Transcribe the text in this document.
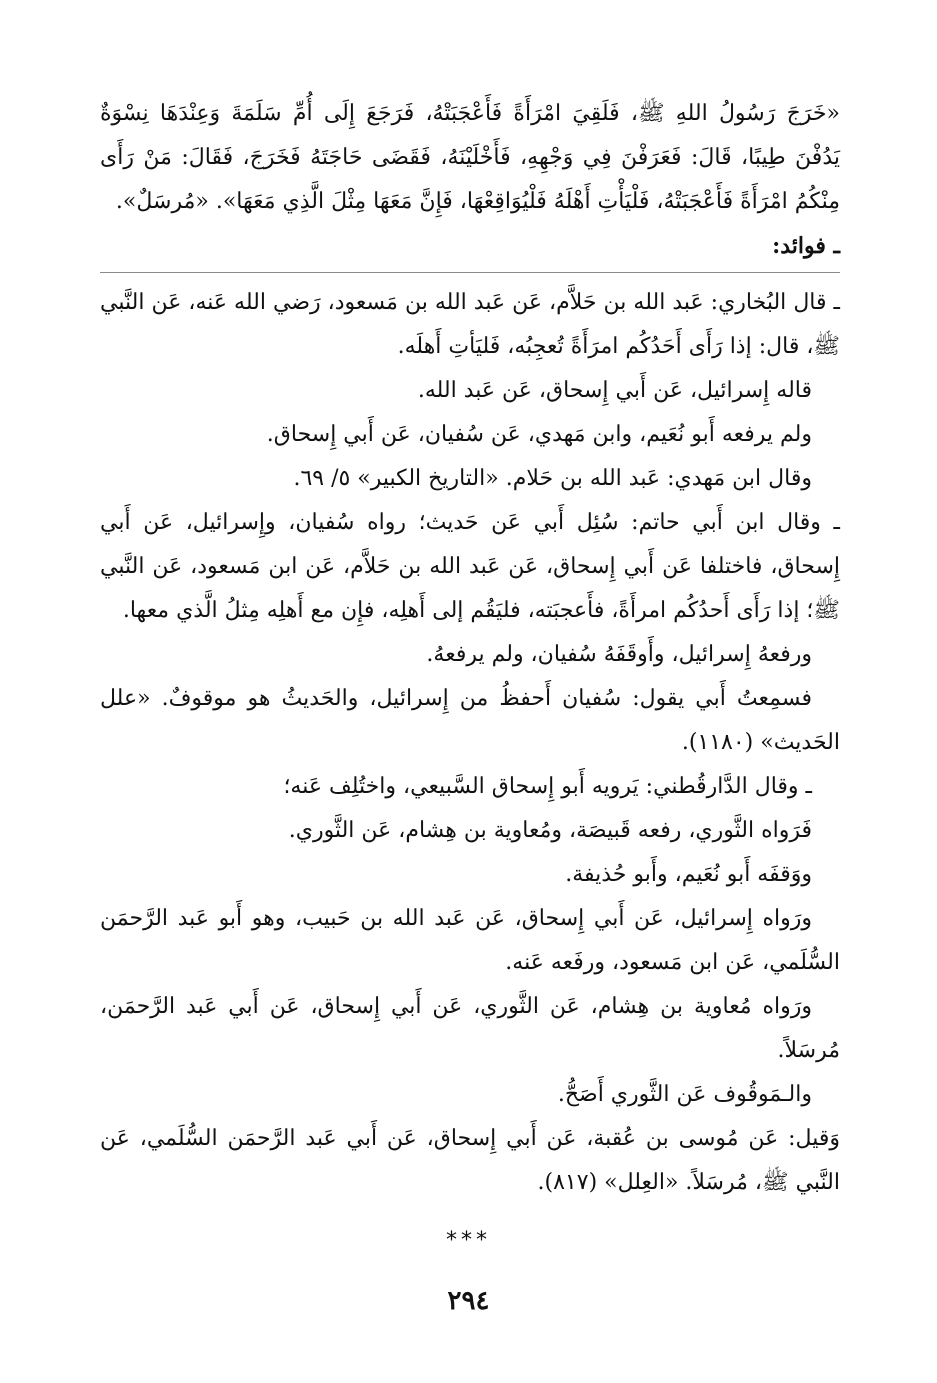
«خَرَجَ رَسُولُ اللهِ ﷺ، فَلَقِيَ امْرَأَةً فَأَعْجَبَتْهُ، فَرَجَعَ إِلَى أُمِّ سَلَمَةَ وَعِنْدَهَا نِسْوَةٌ يَدُفْنَ طِيبًا، قَالَ: فَعَرَفْنَ فِي وَجْهِهِ، فَأَخْلَيْنَهُ، فَقَضَى حَاجَتَهُ فَخَرَجَ، فَقَالَ: مَنْ رَأَى مِنْكُمُ امْرَأَةً فَأَعْجَبَتْهُ، فَلْيَأْتِ أَهْلَهُ فَلْيُوَاقِعْهَا، فَإِنَّ مَعَهَا مِثْلَ الَّذِي مَعَهَا». «مُرسَلٌ».

ـ فوائد:

ـ قال البُخاري: عَبد الله بن حَلاَّم، عَن عَبد الله بن مَسعود، رَضي الله عَنه، عَن النَّبي ﷺ، قال: إذا رَأَى أَحَدُكُم امرَأَةً تُعجِبُه، فَليَأتِ أَهلَه.

قاله إِسرائيل، عَن أَبي إِسحاق، عَن عَبد الله.

ولم يرفعه أَبو نُعَيم، وابن مَهدي، عَن سُفيان، عَن أَبي إِسحاق.

وقال ابن مَهدي: عَبد الله بن حَلام. «التاريخ الكبير» ٥/ ٦٩.

ـ وقال ابن أَبي حاتم: سُئِل أَبي عَن حَديث؛ رواه سُفيان، وإِسرائيل، عَن أَبي إِسحاق، فاختلفا عَن أَبي إِسحاق، عَن عَبد الله بن حَلاَّم، عَن ابن مَسعود، عَن النَّبي ﷺ؛ إذا رَأَى أَحدُكُم امرأَةً، فأَعجبَته، فليَقُم إلى أَهلِه، فإِن مع أَهلِه مِثلُ الَّذي معها.

ورفعهُ إِسرائيل، وأَوقَفَهُ سُفيان، ولم يرفعهُ.

فسمِعتُ أَبي يقول: سُفيان أَحفظُ من إِسرائيل، والحَديثُ هو موقوفٌ. «علل الحَديث» (١١٨٠).

ـ وقال الدَّارقُطني: يَرويه أَبو إِسحاق السَّبيعي، واختُلِف عَنه؛

فَرَواه الثَّوري، رفعه قَبيصَة، ومُعاوية بن هِشام، عَن الثَّوري.

ووَقفَه أَبو نُعَيم، وأَبو حُذيفة.

ورَواه إِسرائيل، عَن أَبي إِسحاق، عَن عَبد الله بن حَبيب، وهو أَبو عَبد الرَّحمَن السُّلَمي، عَن ابن مَسعود، ورفَعه عَنه.

ورَواه مُعاوية بن هِشام، عَن الثَّوري، عَن أَبي إِسحاق، عَن أَبي عَبد الرَّحمَن، مُرسَلاً.

والـمَوقُوف عَن الثَّوري أَصَحُّ.

وَقيل: عَن مُوسى بن عُقبة، عَن أَبي إِسحاق، عَن أَبي عَبد الرَّحمَن السُّلَمي، عَن النَّبي ﷺ، مُرسَلاً. «العِلل» (٨١٧).

***
٢٩٤
